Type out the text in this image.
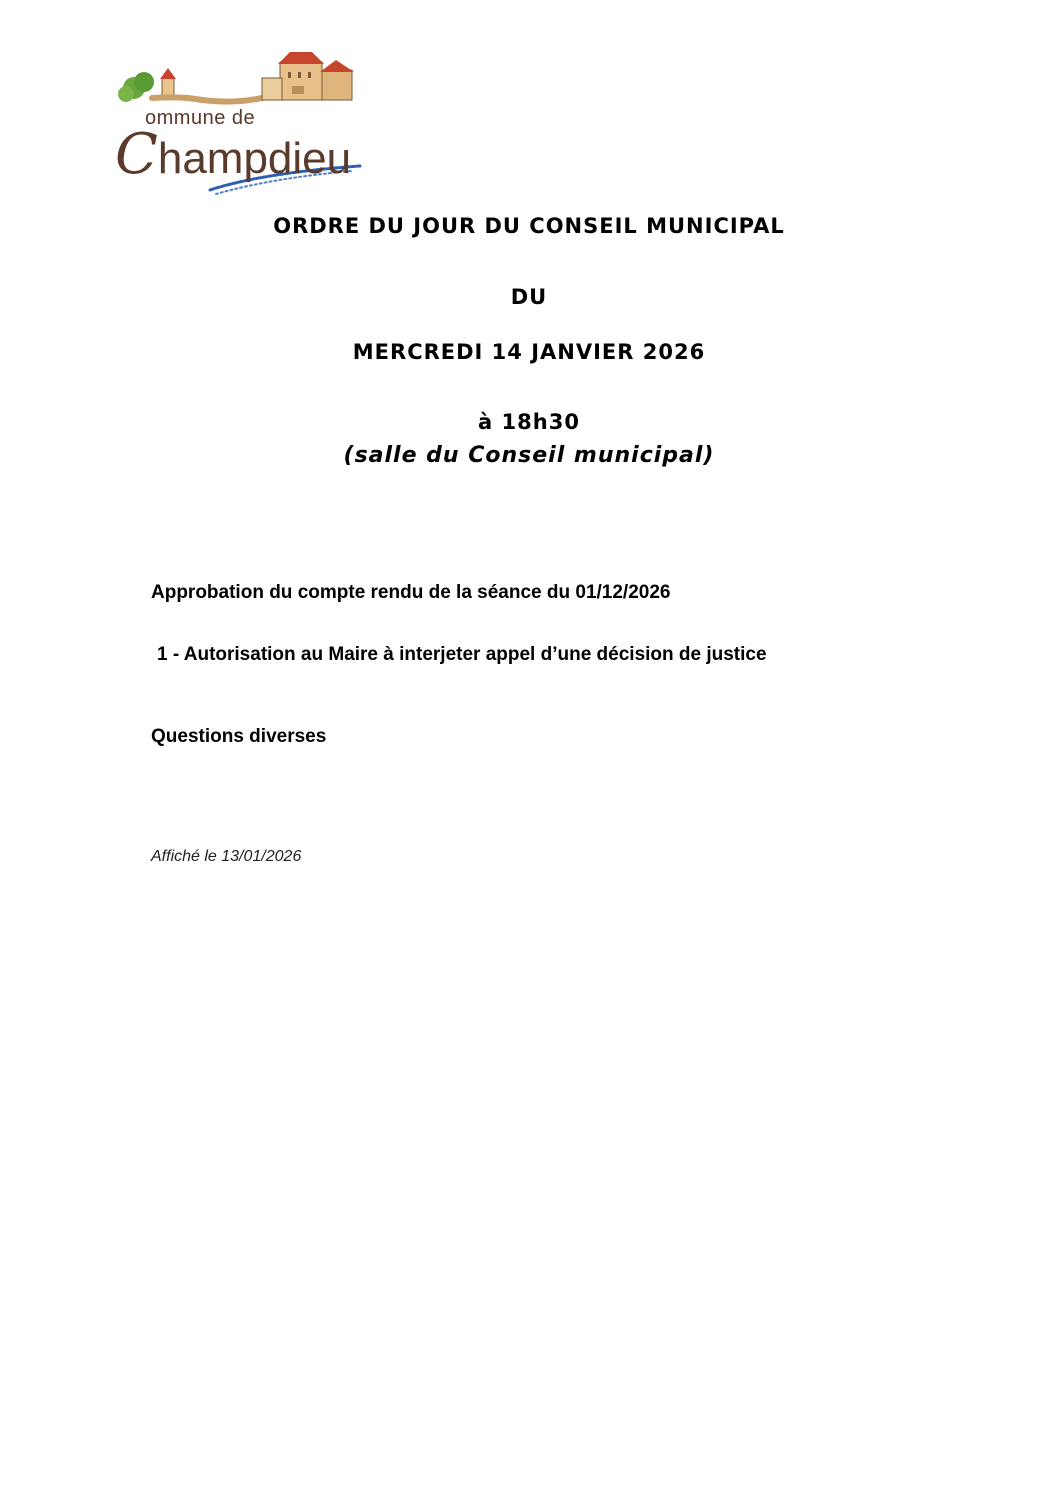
ommune de
Champdieu
ORDRE DU JOUR DU CONSEIL MUNICIPAL
DU
MERCREDI 14 JANVIER 2026
à 18h30
(salle du Conseil municipal)
Approbation du compte rendu de la séance du 01/12/2026
1 - Autorisation au Maire à interjeter appel d’une décision de justice
Questions diverses
Affiché le 13/01/2026
